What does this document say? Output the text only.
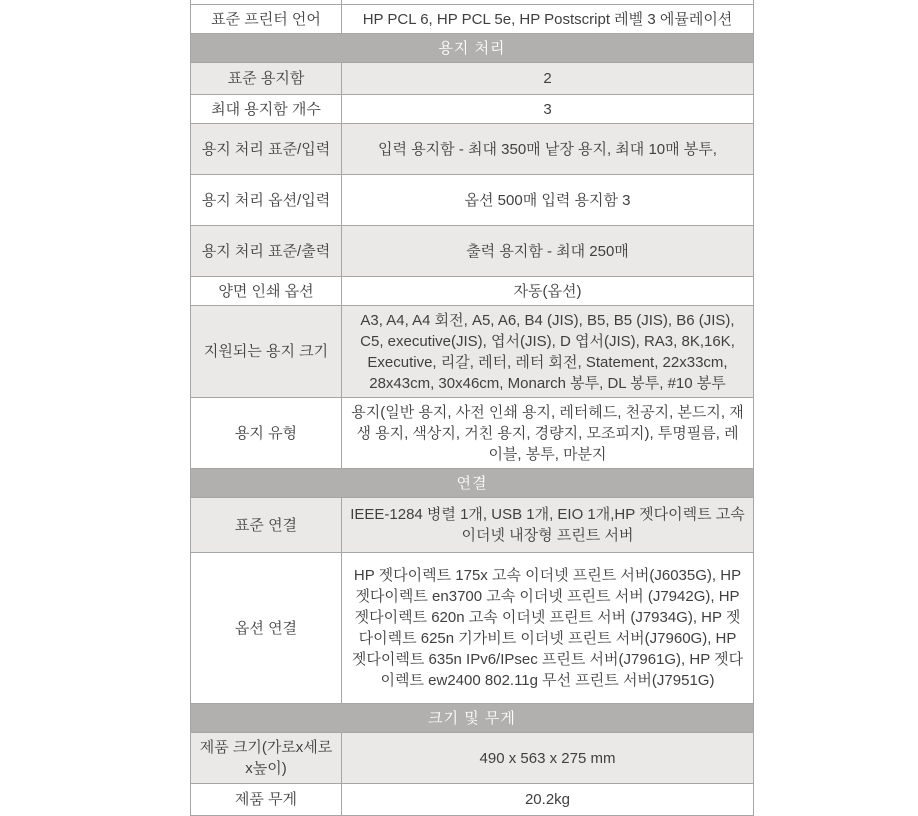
표준 프린터 언어	HP PCL 6, HP PCL 5e, HP Postscript 레벨 3 에뮬레이션
용지 처리	
표준 용지함	2
최대 용지함 개수	3
용지 처리 표준/입력	입력 용지함 - 최대 350매 낱장 용지, 최대 10매 봉투,
용지 처리 옵션/입력	옵션 500매 입력 용지함 3
용지 처리 표준/출력	출력 용지함 - 최대 250매
양면 인쇄 옵션	자동(옵션)
지원되는 용지 크기	A3, A4, A4 회전, A5, A6, B4 (JIS), B5, B5 (JIS), B6 (JIS), C5, executive(JIS), 엽서(JIS), D 엽서(JIS), RA3, 8K,16K, Executive, 리갈, 레터, 레터 회전, Statement, 22x33cm, 28x43cm, 30x46cm, Monarch 봉투, DL 봉투, #10 봉투
용지 유형	용지(일반 용지, 사전 인쇄 용지, 레터헤드, 천공지, 본드지, 재생 용지, 색상지, 거친 용지, 경량지, 모조피지), 투명필름, 레이블, 봉투, 마분지
연결	
표준 연결	IEEE-1284 병렬 1개, USB 1개, EIO 1개,HP 젯다이렉트 고속 이더넷 내장형 프린트 서버
옵션 연결	HP 젯다이렉트 175x 고속 이더넷 프린트 서버(J6035G), HP 젯다이렉트 en3700 고속 이더넷 프린트 서버 (J7942G), HP 젯다이렉트 620n 고속 이더넷 프린트 서버 (J7934G), HP 젯다이렉트 625n 기가비트 이더넷 프린트 서버(J7960G), HP 젯다이렉트 635n IPv6/IPsec 프린트 서버(J7961G), HP 젯다이렉트 ew2400 802.11g 무선 프린트 서버(J7951G)
크기 및 무게	
제품 크기(가로x세로x높이)	490 x 563 x 275 mm
제품 무게	20.2kg
